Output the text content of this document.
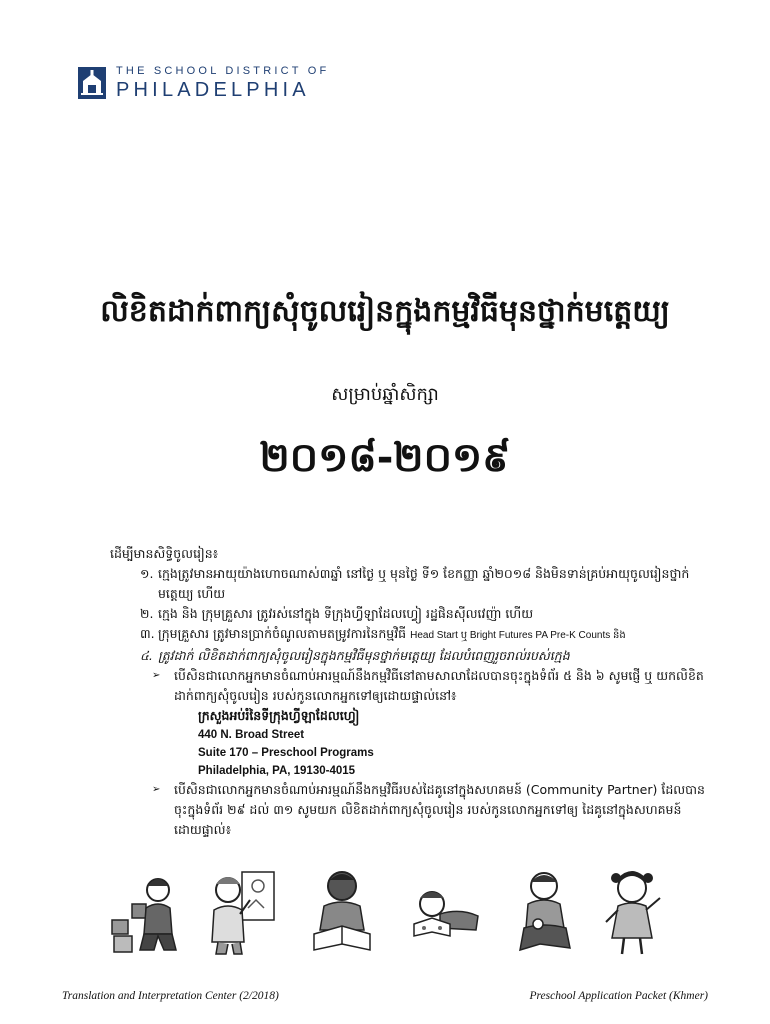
THE SCHOOL DISTRICT OF
PHILADELPHIA
លិខិតដាក់ពាក្យសុំចូលរៀនក្នុងកម្មវិធីមុនថ្នាក់មត្តេយ្យ
សម្រាប់ឆ្នាំសិក្សា
២០១៨-២០១៩
ដើម្បីមានសិទ្ធិចូលរៀន៖
១. ក្មេងត្រូវមានអាយុយ៉ាងហោចណាស់៣ឆ្នាំ នៅថ្ងៃ ឬ មុនថ្ងៃ ទី១ ខែកញ្ញា ឆ្នាំ២០១៨ និងមិនទាន់គ្រប់អាយុចូលរៀនថ្នាក់មត្តេយ្យ ហើយ
២. ក្មេង និង ក្រុមគ្រួសារ ត្រូវរស់នៅក្នុង ទីក្រុងហ្វីឡាដែលហ្វៀ រដ្ឋផិនស៊ីលវេញ៉ា ហើយ
៣. ក្រុមគ្រួសារ ត្រូវមានប្រាក់ចំណូលតាមតម្រូវការនៃកម្មវិធី Head Start ឬ Bright Futures PA Pre-K Counts និង
៤. ត្រូវដាក់ លិខិតដាក់ពាក្យសុំចូលរៀនក្នុងកម្មវិធីមុនថ្នាក់មត្តេយ្យ ដែលបំពេញរួចរាល់របស់ក្មេង
➢ បើសិនជាលោកអ្នកមានចំណាប់អារម្មណ៍នឹងកម្មវិធីនៅតាមសាលាដែលបានចុះក្នុងទំព័រ ៥ និង ៦ សូមផ្ញើ ឬ យកលិខិតដាក់ពាក្យសុំចូលរៀន របស់កូនលោកអ្នកទៅឲ្យដោយផ្ទាល់នៅ៖
ក្រសួងអប់រំនៃទីក្រុងហ្វីឡាដែលហ្វៀ
440 N. Broad Street
Suite 170 – Preschool Programs
Philadelphia, PA, 19130-4015
➢ បើសិនជាលោកអ្នកមានចំណាប់អារម្មណ៍នឹងកម្មវិធីរបស់ដៃគូនៅក្នុងសហគមន៍ (Community Partner) ដែលបានចុះក្នុងទំព័រ ២៩ ដល់ ៣១ សូមយក លិខិតដាក់ពាក្យសុំចូលរៀន របស់កូនលោកអ្នកទៅឲ្យ ដៃគូនៅក្នុងសហគមន៍ ដោយផ្ទាល់៖
Translation and Interpretation Center (2/2018)	Preschool Application Packet (Khmer)
